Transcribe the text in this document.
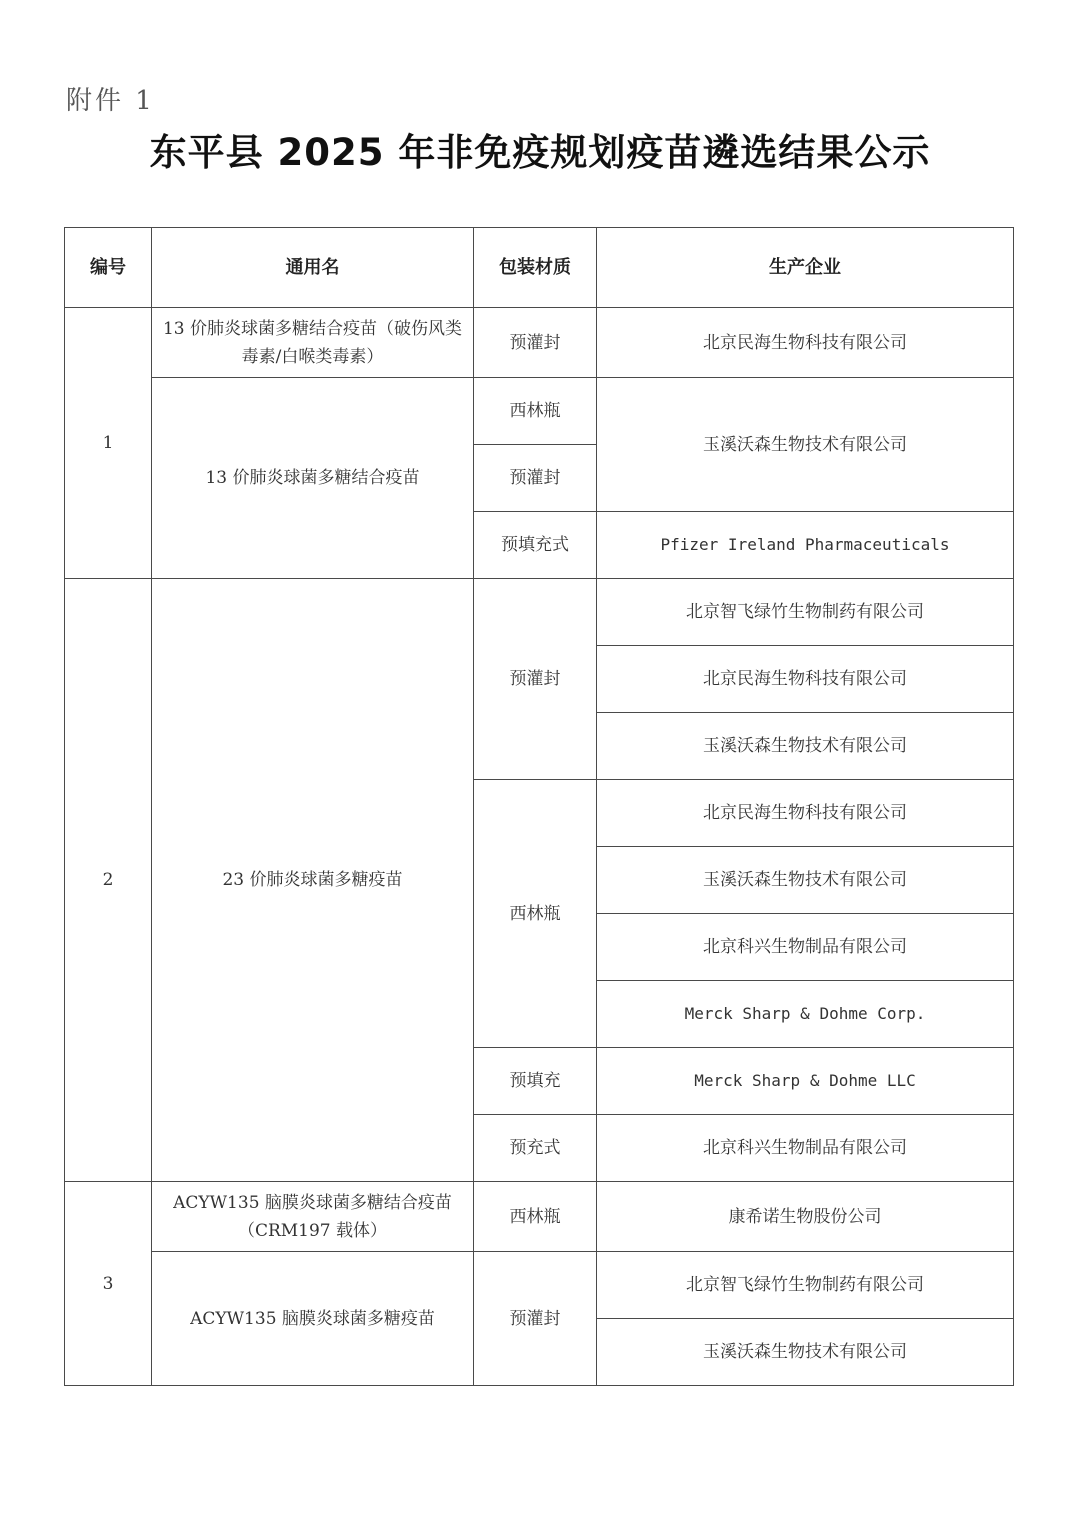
附件 1
东平县 2025 年非免疫规划疫苗遴选结果公示
编号	通用名	包装材质	生产企业
1	13 价肺炎球菌多糖结合疫苗（破伤风类毒素/白喉类毒素）	预灌封	北京民海生物科技有限公司
	13 价肺炎球菌多糖结合疫苗	西林瓶	玉溪沃森生物技术有限公司
		预灌封	
		预填充式	Pfizer Ireland Pharmaceuticals
2	23 价肺炎球菌多糖疫苗	预灌封	北京智飞绿竹生物制药有限公司
			北京民海生物科技有限公司
			玉溪沃森生物技术有限公司
		西林瓶	北京民海生物科技有限公司
			玉溪沃森生物技术有限公司
			北京科兴生物制品有限公司
			Merck Sharp & Dohme Corp.
		预填充	Merck Sharp & Dohme LLC
		预充式	北京科兴生物制品有限公司
3	ACYW135 脑膜炎球菌多糖结合疫苗（CRM197 载体）	西林瓶	康希诺生物股份公司
	ACYW135 脑膜炎球菌多糖疫苗	预灌封	北京智飞绿竹生物制药有限公司
			玉溪沃森生物技术有限公司
